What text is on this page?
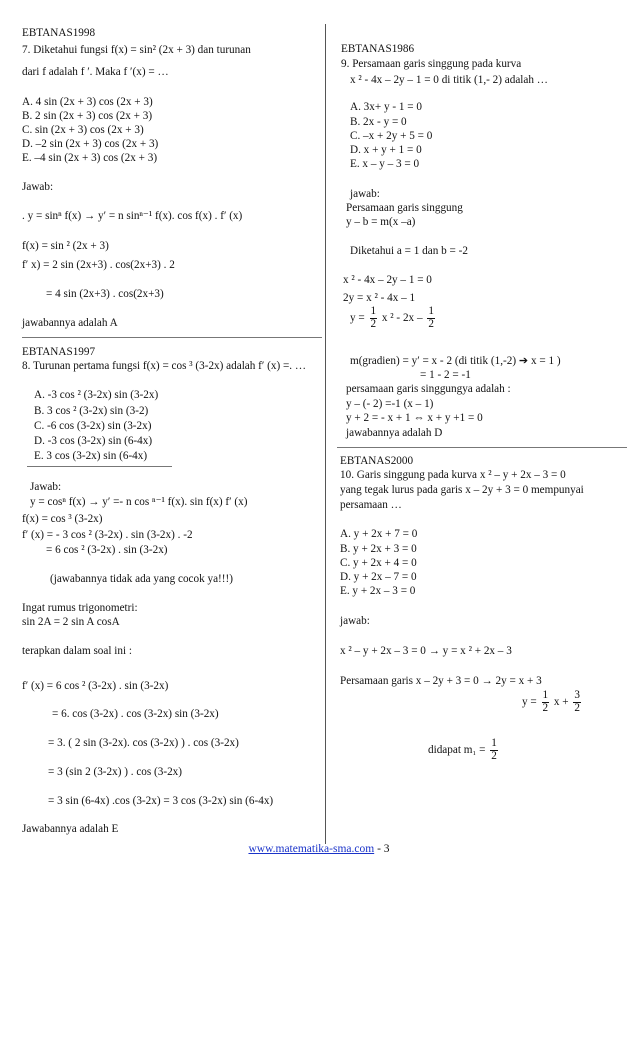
EBTANAS1998
7. Diketahui fungsi f(x) = sin² (2x + 3) dan turunan
dari f adalah f ′. Maka f ′(x) = …
A. 4 sin (2x + 3) cos (2x + 3)
B. 2 sin (2x + 3) cos (2x + 3)
C. sin (2x + 3) cos (2x + 3)
D. –2 sin (2x + 3) cos (2x + 3)
E. –4 sin (2x + 3) cos (2x + 3)
Jawab:
. y = sinⁿ f(x) → y′ = n sinⁿ⁻¹ f(x). cos f(x) . f′ (x)
f(x) = sin ² (2x + 3)
f′ x) = 2 sin (2x+3) . cos(2x+3) . 2
= 4 sin (2x+3) . cos(2x+3)
jawabannya adalah A
EBTANAS1997
8. Turunan pertama fungsi f(x) = cos ³ (3-2x) adalah f′ (x) =. …
A. -3 cos ² (3-2x) sin (3-2x)
B. 3 cos ² (3-2x) sin (3-2)
C. -6 cos (3-2x) sin (3-2x)
D. -3 cos (3-2x) sin (6-4x)
E. 3 cos (3-2x) sin (6-4x)
Jawab:
y = cosⁿ f(x) → y′ =- n cos ⁿ⁻¹ f(x). sin f(x) f′ (x)
f(x) = cos ³ (3-2x)
f′ (x) = - 3 cos ² (3-2x) . sin (3-2x) . -2
= 6 cos ² (3-2x) . sin (3-2x)
(jawabannya tidak ada yang cocok ya!!!)
Ingat rumus trigonometri:
sin 2A = 2 sin A cosA
terapkan dalam soal ini :
f′ (x) = 6 cos ² (3-2x) . sin (3-2x)
= 6. cos (3-2x) . cos (3-2x) sin (3-2x)
= 3. ( 2 sin (3-2x). cos (3-2x) ) . cos (3-2x)
= 3 (sin 2 (3-2x) ) . cos (3-2x)
= 3 sin (6-4x) .cos (3-2x) = 3 cos (3-2x) sin (6-4x)
Jawabannya adalah E
EBTANAS1986
9. Persamaan garis singgung pada kurva
x ² - 4x – 2y – 1 = 0 di titik (1,- 2) adalah …
A. 3x+ y - 1 = 0
B. 2x - y = 0
C. –x + 2y + 5 = 0
D. x + y + 1 = 0
E. x – y – 3 = 0
jawab:
Persamaan garis singgung
y – b = m(x –a)
Diketahui a = 1 dan b = -2
x ² - 4x – 2y – 1 = 0
2y = x ² - 4x – 1
$y = \frac{1}{2}$ x $^2 - 2x - \frac{1}{2}$
m(gradien) = y′ = x - 2 (di titik (1,-2) ➔ x = 1 )
= 1 - 2 = -1
persamaan garis singgungya adalah :
y – (- 2) =-1 (x – 1)
y + 2 = - x + 1 ⇔ x + y +1 = 0
jawabannya adalah D
EBTANAS2000
10. Garis singgung pada kurva x ² – y + 2x – 3 = 0
yang tegak lurus pada garis x – 2y + 3 = 0 mempunyai
persamaan …
A. y + 2x + 7 = 0
B. y + 2x + 3 = 0
C. y + 2x + 4 = 0
D. y + 2x – 7 = 0
E. y + 2x – 3 = 0
jawab:
x ² – y + 2x – 3 = 0 → y = x ² + 2x – 3
Persamaan garis x – 2y + 3 = 0 → 2y = x + 3
$y = \frac{1}{2}$ $x + \frac{3}{2}$
didapat $m_1 = \frac{1}{2}$
www.matematika-sma.com - 3
